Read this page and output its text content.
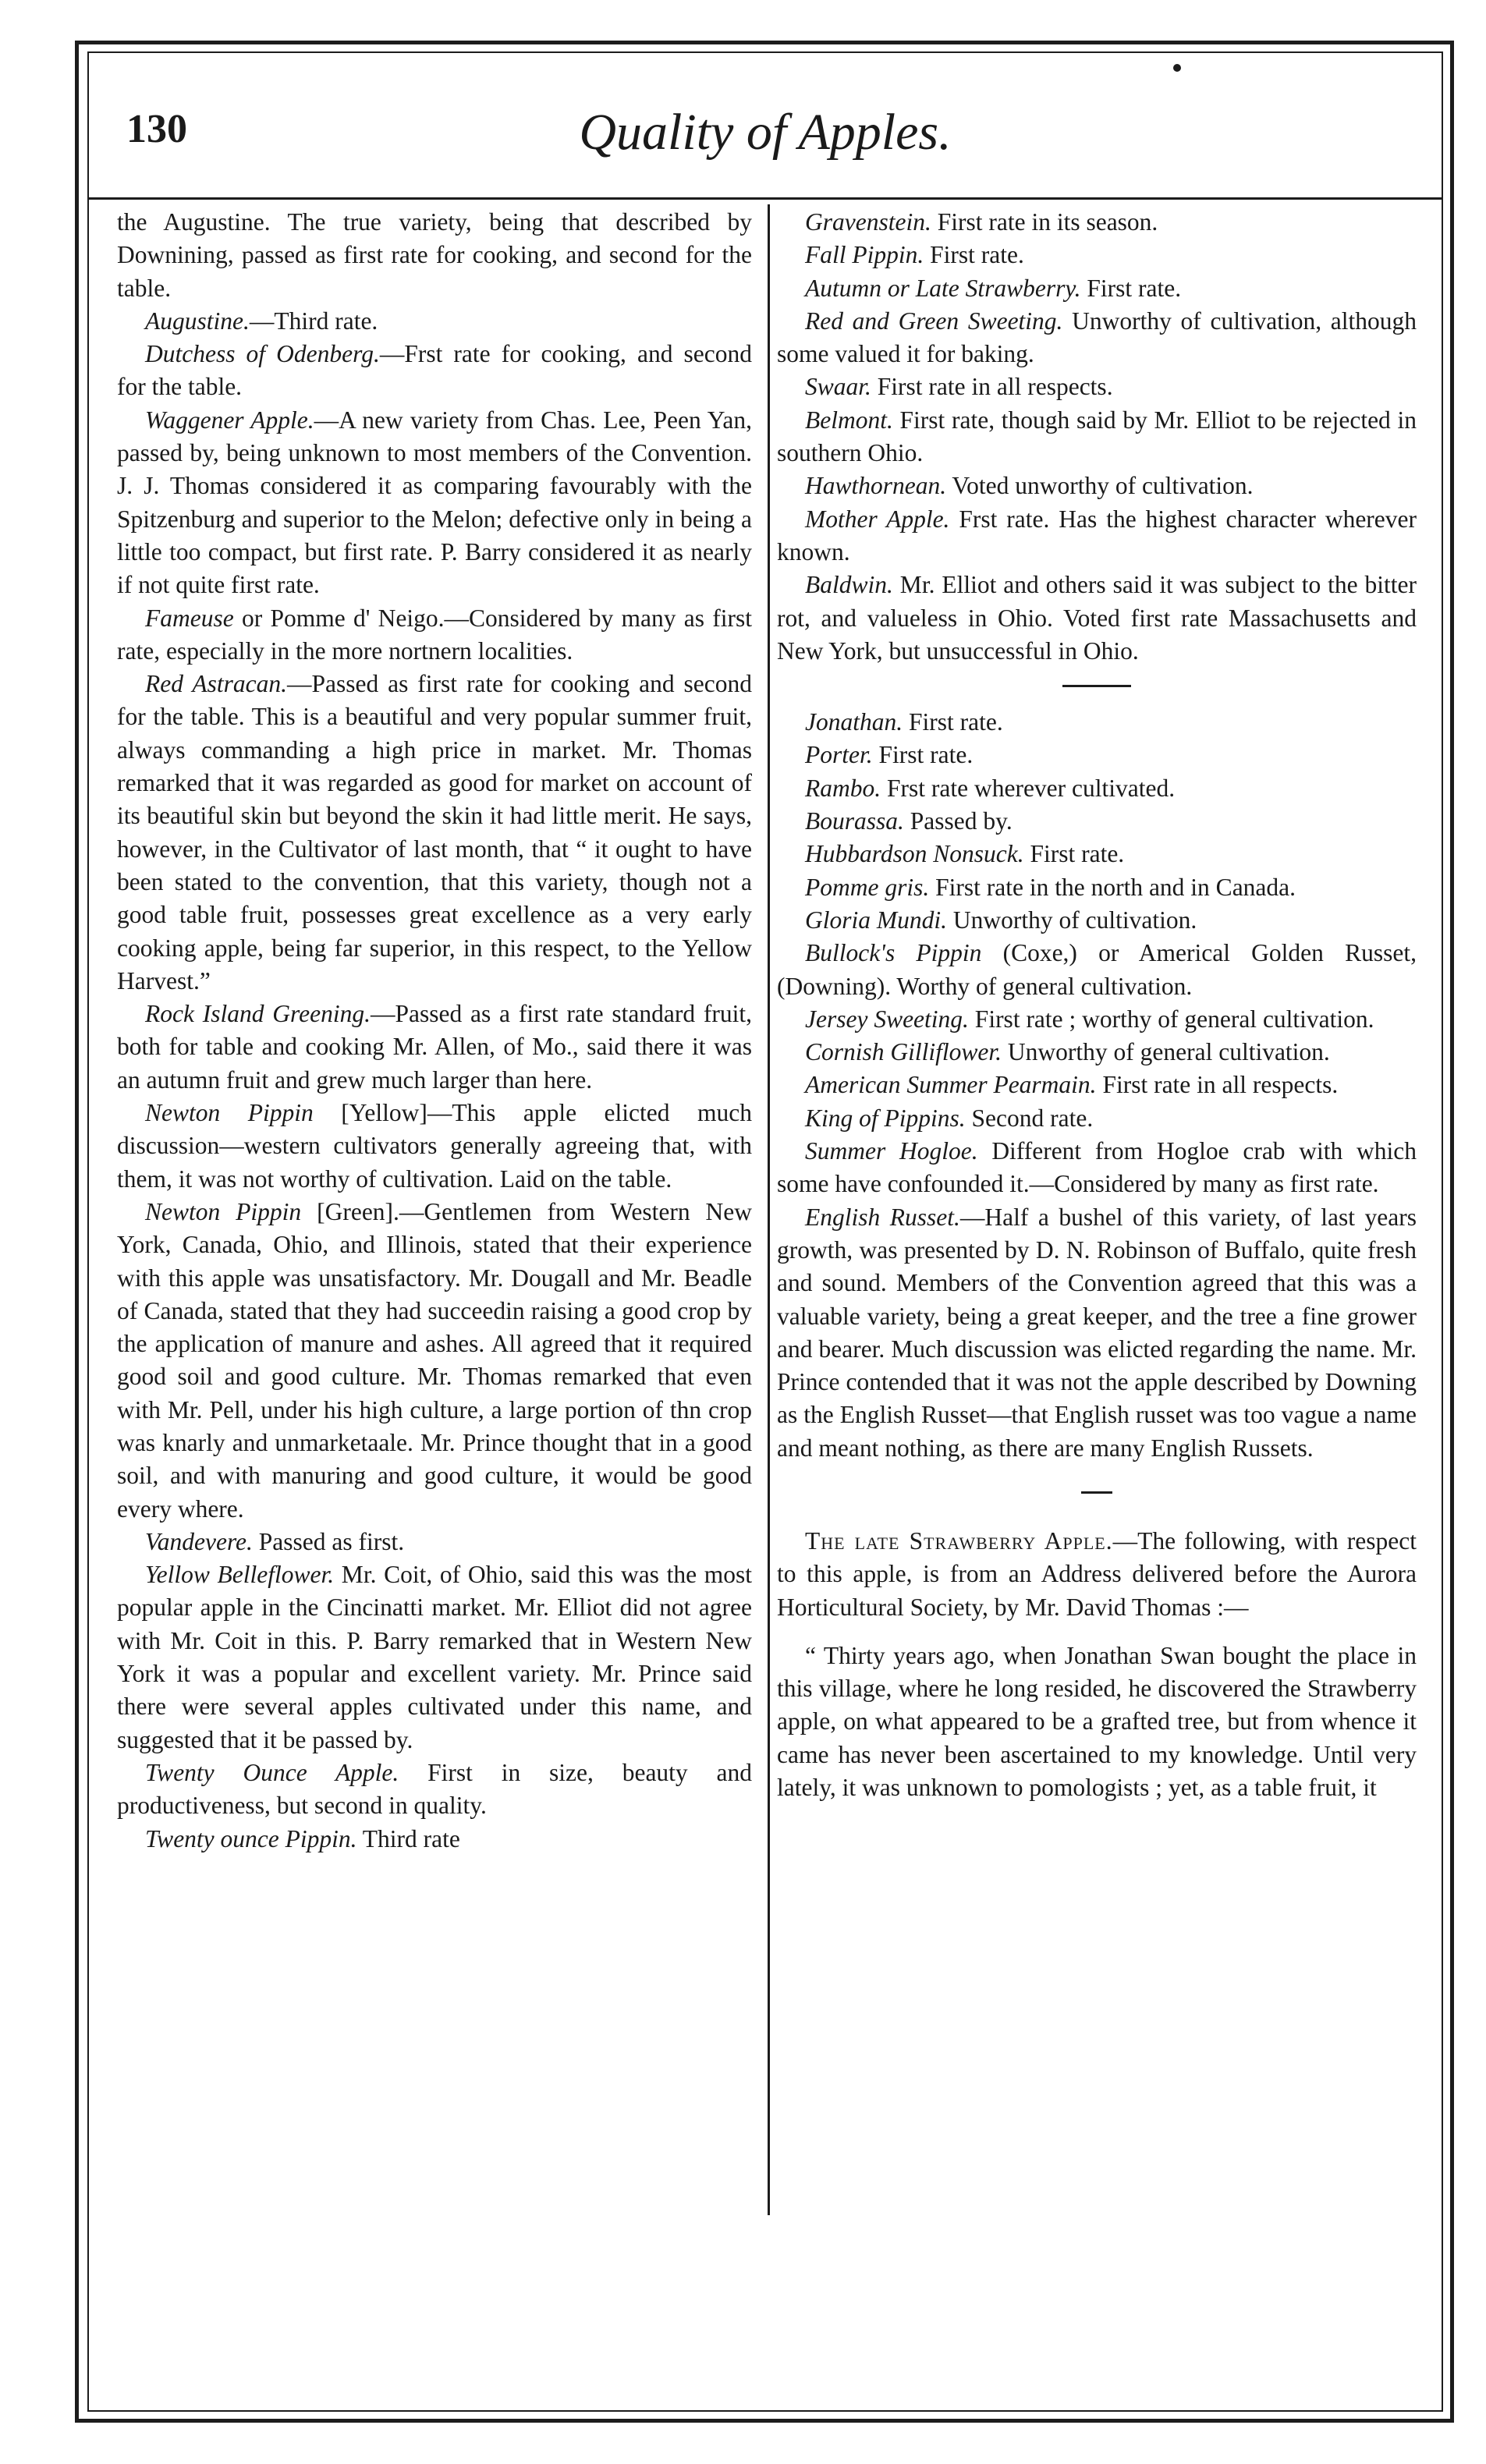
130	Quality of Apples.

the Augustine. The true variety, being that described by Downining, passed as first rate for cooking, and second for the table.

Augustine.—Third rate.

Dutchess of Odenberg.—Frst rate for cooking, and second for the table.

Waggener Apple.—A new variety from Chas. Lee, Peen Yan, passed by, being unknown to most members of the Convention. J. J. Thomas considered it as comparing favourably with the Spitzenburg and superior to the Melon; defective only in being a little too compact, but first rate. P. Barry considered it as nearly if not quite first rate.

Fameuse or Pomme d' Neigo.—Considered by many as first rate, especially in the more nortnern localities.

Red Astracan.—Passed as first rate for cooking and second for the table. This is a beautiful and very popular summer fruit, always commanding a high price in market. Mr. Thomas remarked that it was regarded as good for market on account of its beautiful skin but beyond the skin it had little merit. He says, however, in the Cultivator of last month, that “ it ought to have been stated to the convention, that this variety, though not a good table fruit, possesses great excellence as a very early cooking apple, being far superior, in this respect, to the Yellow Harvest.”

Rock Island Greening.—Passed as a first rate standard fruit, both for table and cooking Mr. Allen, of Mo., said there it was an autumn fruit and grew much larger than here.

Newton Pippin [Yellow]—This apple elicted much discussion—western cultivators generally agreeing that, with them, it was not worthy of cultivation. Laid on the table.

Newton Pippin [Green].—Gentlemen from Western New York, Canada, Ohio, and Illinois, stated that their experience with this apple was unsatisfactory. Mr. Dougall and Mr. Beadle of Canada, stated that they had succeedin raising a good crop by the application of manure and ashes. All agreed that it required good soil and good culture. Mr. Thomas remarked that even with Mr. Pell, under his high culture, a large portion of thn crop was knarly and unmarketaale. Mr. Prince thought that in a good soil, and with manuring and good culture, it would be good every where.

Vandevere. Passed as first.

Yellow Belleflower. Mr. Coit, of Ohio, said this was the most popular apple in the Cincinatti market. Mr. Elliot did not agree with Mr. Coit in this. P. Barry remarked that in Western New York it was a popular and excellent variety. Mr. Prince said there were several apples cultivated under this name, and suggested that it be passed by.

Twenty Ounce Apple. First in size, beauty and productiveness, but second in quality.

Twenty ounce Pippin. Third rate

Gravenstein. First rate in its season.

Fall Pippin. First rate.

Autumn or Late Strawberry. First rate.

Red and Green Sweeting. Unworthy of cultivation, although some valued it for baking.

Swaar. First rate in all respects.

Belmont. First rate, though said by Mr. Elliot to be rejected in southern Ohio.

Hawthornean. Voted unworthy of cultivation.

Mother Apple. Frst rate. Has the highest character wherever known.

Baldwin. Mr. Elliot and others said it was subject to the bitter rot, and valueless in Ohio. Voted first rate Massachusetts and New York, but unsuccessful in Ohio.

Jonathan. First rate.

Porter. First rate.

Rambo. Frst rate wherever cultivated.

Bourassa. Passed by.

Hubbardson Nonsuck. First rate.

Pomme gris. First rate in the north and in Canada.

Gloria Mundi. Unworthy of cultivation.

Bullock's Pippin (Coxe,) or Americal Golden Russet, (Downing). Worthy of general cultivation.

Jersey Sweeting. First rate ; worthy of general cultivation.

Cornish Gilliflower. Unworthy of general cultivation.

American Summer Pearmain. First rate in all respects.

King of Pippins. Second rate.

Summer Hogloe. Different from Hogloe crab with which some have confounded it.—Considered by many as first rate.

English Russet.—Half a bushel of this variety, of last years growth, was presented by D. N. Robinson of Buffalo, quite fresh and sound. Members of the Convention agreed that this was a valuable variety, being a great keeper, and the tree a fine grower and bearer. Much discussion was elicted regarding the name. Mr. Prince contended that it was not the apple described by Downing as the English Russet—that English russet was too vague a name and meant nothing, as there are many English Russets.

The late Strawberry Apple.—The following, with respect to this apple, is from an Address delivered before the Aurora Horticultural Society, by Mr. David Thomas :—

“ Thirty years ago, when Jonathan Swan bought the place in this village, where he long resided, he discovered the Strawberry apple, on what appeared to be a grafted tree, but from whence it came has never been ascertained to my knowledge. Until very lately, it was unknown to pomologists ; yet, as a table fruit, it
